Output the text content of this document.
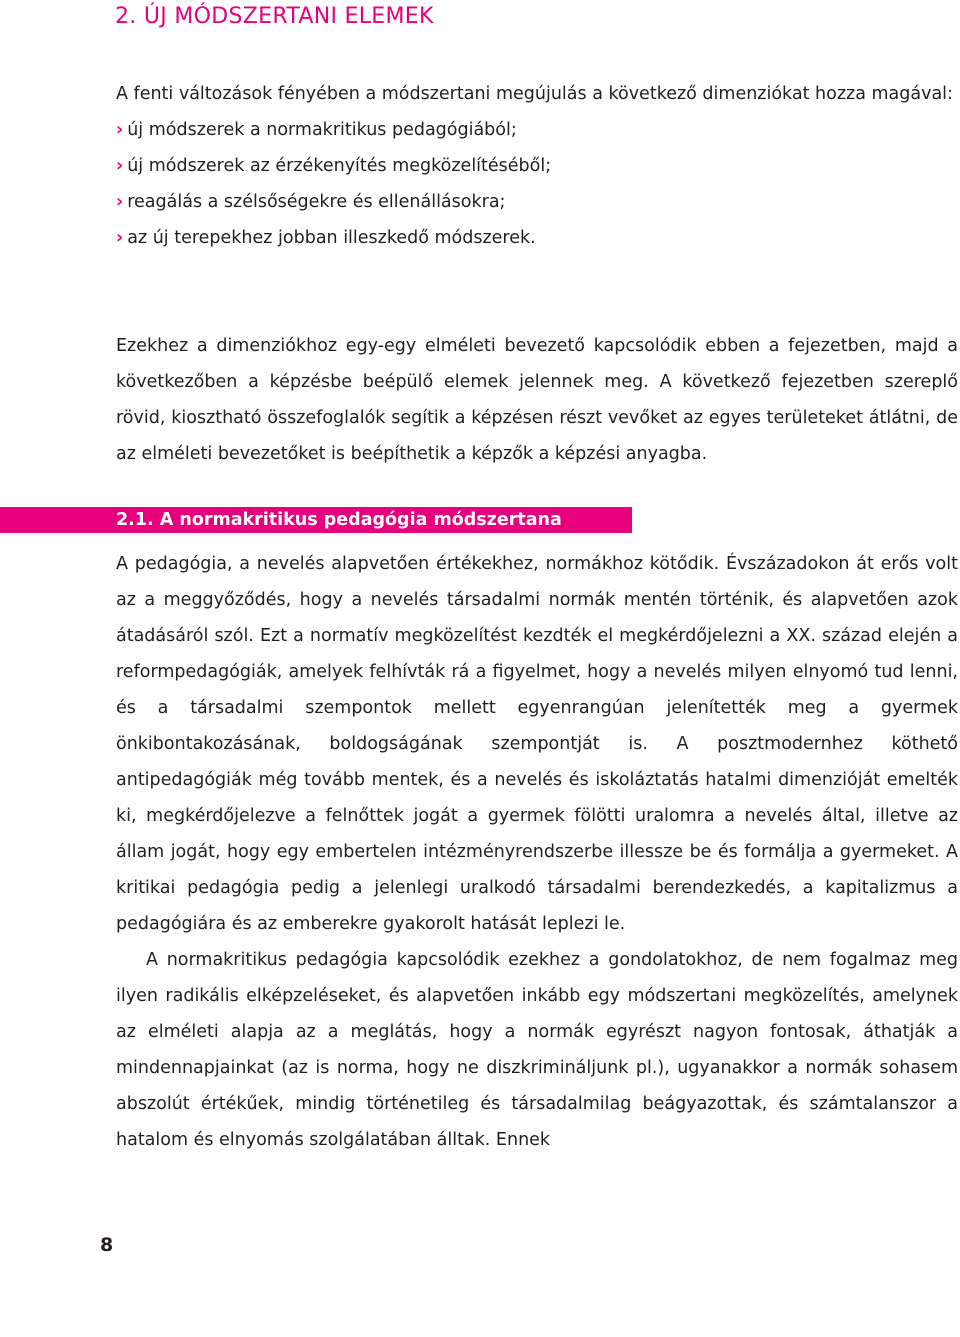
2. ÚJ MÓDSZERTANI ELEMEK

A fenti változások fényében a módszertani megújulás a következő dimenziókat hozza magával:

› új módszerek a normakritikus pedagógiából;
› új módszerek az érzékenyítés megközelítéséből;
› reagálás a szélsőségekre és ellenállásokra;
› az új terepekhez jobban illeszkedő módszerek.

Ezekhez a dimenziókhoz egy-egy elméleti bevezető kapcsolódik ebben a fejezetben, majd a következőben a képzésbe beépülő elemek jelennek meg. A következő fejezetben szereplő rövid, kiosztható összefoglalók segítik a képzésen részt vevőket az egyes területeket átlátni, de az elméleti bevezetőket is beépíthetik a képzők a képzési anyagba.

2.1. A normakritikus pedagógia módszertana

A pedagógia, a nevelés alapvetően értékekhez, normákhoz kötődik. Évszázadokon át erős volt az a meggyőződés, hogy a nevelés társadalmi normák mentén történik, és alapvetően azok átadásáról szól. Ezt a normatív megközelítést kezdték el megkérdőjelezni a XX. század elején a reformpedagógiák, amelyek felhívták rá a figyelmet, hogy a nevelés milyen elnyomó tud lenni, és a társadalmi szempontok mellett egyenrangúan jelenítették meg a gyermek önkibontakozásának, boldogságának szempontját is. A posztmodernhez köthető antipedagógiák még tovább mentek, és a nevelés és iskoláztatás hatalmi dimenzióját emelték ki, megkérdőjelezve a felnőttek jogát a gyermek fölötti uralomra a nevelés által, illetve az állam jogát, hogy egy embertelen intézményrendszerbe illessze be és formálja a gyermeket. A kritikai pedagógia pedig a jelenlegi uralkodó társadalmi berendezkedés, a kapitalizmus a pedagógiára és az emberekre gyakorolt hatását leplezi le.

A normakritikus pedagógia kapcsolódik ezekhez a gondolatokhoz, de nem fogalmaz meg ilyen radikális elképzeléseket, és alapvetően inkább egy módszertani megközelítés, amelynek az elméleti alapja az a meglátás, hogy a normák egyrészt nagyon fontosak, áthatják a mindennapjainkat (az is norma, hogy ne diszkrimináljunk pl.), ugyanakkor a normák sohasem abszolút értékűek, mindig történetileg és társadalmilag beágyazottak, és számtalanszor a hatalom és elnyomás szolgálatában álltak. Ennek

8
